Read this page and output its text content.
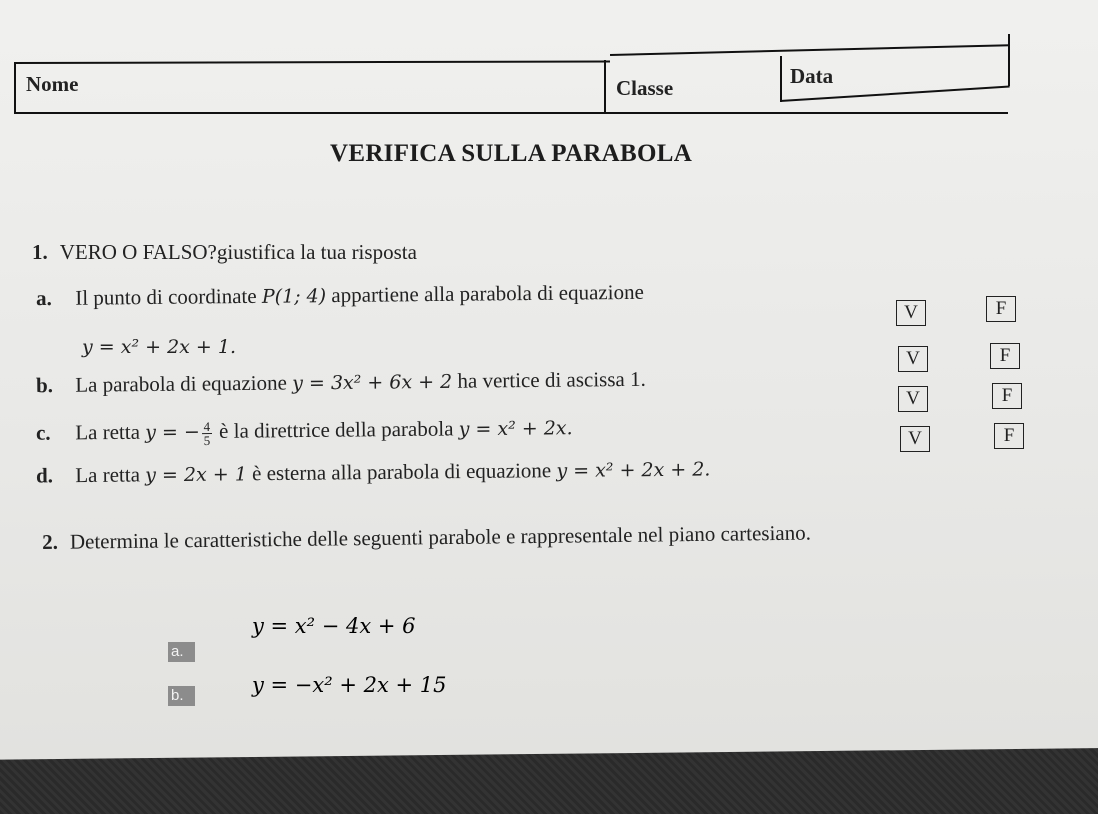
Nome	Classe	Data
VERIFICA SULLA PARABOLA
1. VERO O FALSO?giustifica la tua risposta
a. Il punto di coordinate P(1; 4) appartiene alla parabola di equazione
y = x² + 2x + 1.
b. La parabola di equazione y = 3x² + 6x + 2 ha vertice di ascissa 1.
c. La retta y = − $\frac{4}{5}$ è la direttrice della parabola y = x² + 2x.
d. La retta y = 2x + 1 è esterna alla parabola di equazione y = x² + 2x + 2.
V	F
V	F
V	F
V	F
2. Determina le caratteristiche delle seguenti parabole e rappresentale nel piano cartesiano.
a.
y = x² − 4x + 6
b.	y = −x² + 2x + 15
